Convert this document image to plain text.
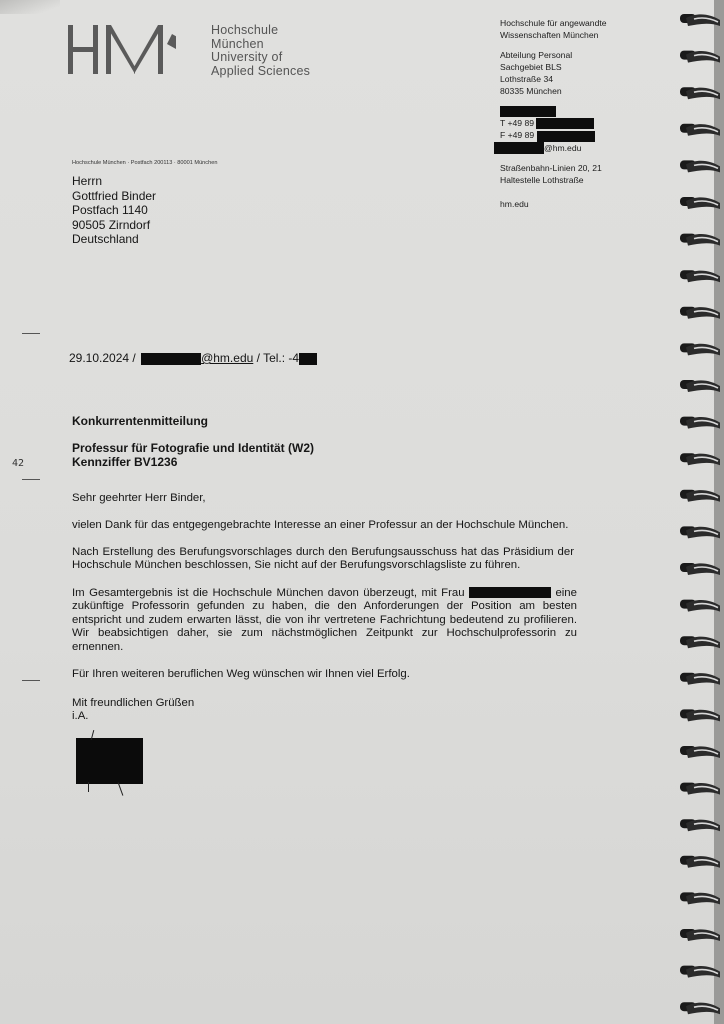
Hochschule
München
University of
Applied Sciences
Hochschule für angewandte
Wissenschaften München
Abteilung Personal
Sachgebiet BLS
Lothstraße 34
80335 München
T +49 89
F +49 89
@hm.edu
Straßenbahn-Linien 20, 21
Haltestelle Lothstraße
hm.edu
Hochschule München · Postfach 200113 · 80001 München
Herrn
Gottfried Binder
Postfach 1140
90505 Zirndorf
Deutschland
29.10.2024 /	@hm.edu / Tel.: -4
Konkurrentenmitteilung
Professur für Fotografie und Identität (W2)
Kennziffer BV1236
Sehr geehrter Herr Binder,
vielen Dank für das entgegengebrachte Interesse an einer Professur an der Hochschule München.
Nach Erstellung des Berufungsvorschlages durch den Berufungsausschuss hat das Präsidium der Hochschule München beschlossen, Sie nicht auf der Berufungsvorschlagsliste zu führen.
Im Gesamtergebnis ist die Hochschule München davon überzeugt, mit Frau	eine zukünftige Professorin gefunden zu haben, die den Anforderungen der Position am besten entspricht und zudem erwarten lässt, die von ihr vertretene Fachrichtung bedeutend zu profilieren. Wir beabsichtigen daher, sie zum nächstmöglichen Zeitpunkt zur Hochschulprofessorin zu ernennen.
Für Ihren weiteren beruflichen Weg wünschen wir Ihnen viel Erfolg.
Mit freundlichen Grüßen
i.A.
42
